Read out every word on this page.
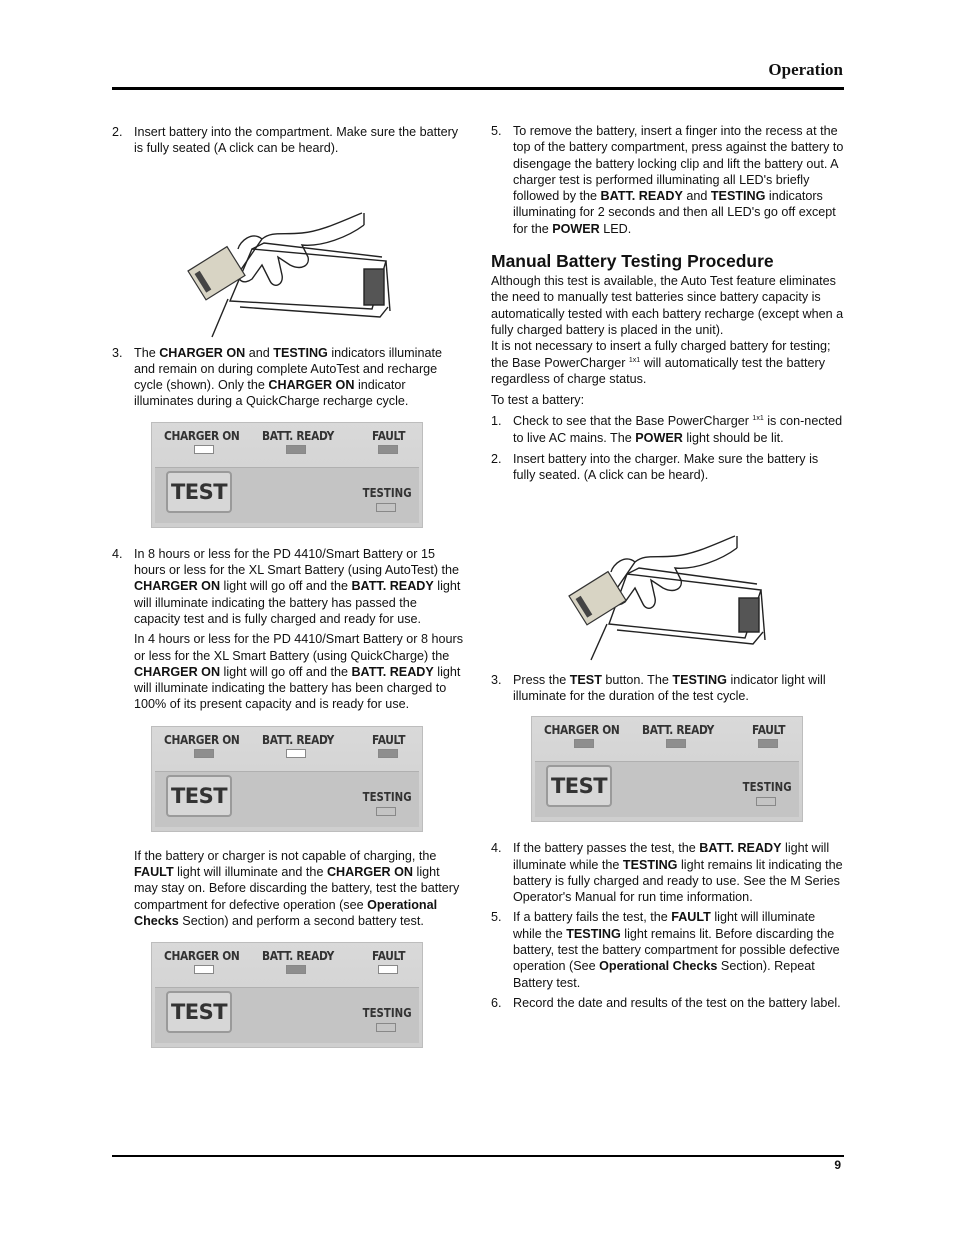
Operation

2. Insert battery into the compartment. Make sure the battery is fully seated (A click can be heard).

3. The CHARGER ON and TESTING indicators illuminate and remain on during complete AutoTest and recharge cycle (shown). Only the CHARGER ON indicator illuminates during a QuickCharge recharge cycle.

CHARGER ON BATT. READY	FAULT
TEST	TESTING

4. In 8 hours or less for the PD 4410/Smart Battery or 15 hours or less for the XL Smart Battery (using AutoTest) the CHARGER ON light will go off and the BATT. READY light will illuminate indicating the battery has passed the capacity test and is fully charged and ready for use.

In 4 hours or less for the PD 4410/Smart Battery or 8 hours or less for the XL Smart Battery (using QuickCharge) the CHARGER ON light will go off and the BATT. READY light will illuminate indicating the battery has been charged to 100% of its present capacity and is ready for use.

CHARGER ON BATT. READY	FAULT
TEST	TESTING

If the battery or charger is not capable of charging, the FAULT light will illuminate and the CHARGER ON light may stay on. Before discarding the battery, test the battery compartment for defective operation (see Operational Checks Section) and perform a second battery test.

CHARGER ON BATT. READY	FAULT
TEST	TESTING

5. To remove the battery, insert a finger into the recess at the top of the battery compartment, press against the battery to disengage the battery locking clip and lift the battery out. A charger test is performed illuminating all LED's briefly followed by the BATT. READY and TESTING indicators illuminating for 2 seconds and then all LED's go off except for the POWER LED.

Manual Battery Testing Procedure

Although this test is available, the Auto Test feature eliminates the need to manually test batteries since battery capacity is automatically tested with each battery recharge (except when a fully charged battery is placed in the unit).

It is not necessary to insert a fully charged battery for testing; the Base PowerCharger $^{1x1}$ will automatically test the battery regardless of charge status.

To test a battery:

1. Check to see that the Base PowerCharger $^{1x1}$ is con-nected to live AC mains. The POWER light should be lit.

2. Insert battery into the charger. Make sure the battery is fully seated. (A click can be heard).

3. Press the TEST button. The TESTING indicator light will illuminate for the duration of the test cycle.

CHARGER ON BATT. READY	FAULT
TEST	TESTING

4. If the battery passes the test, the BATT. READY light will illuminate while the TESTING light remains lit indicating the battery is fully charged and ready to use. See the M Series Operator's Manual for run time information.

5. If a battery fails the test, the FAULT light will illuminate while the TESTING light remains lit. Before discarding the battery, test the battery compartment for possible defective operation (See Operational Checks Section). Repeat Battery test.

6. Record the date and results of the test on the battery label.

9
